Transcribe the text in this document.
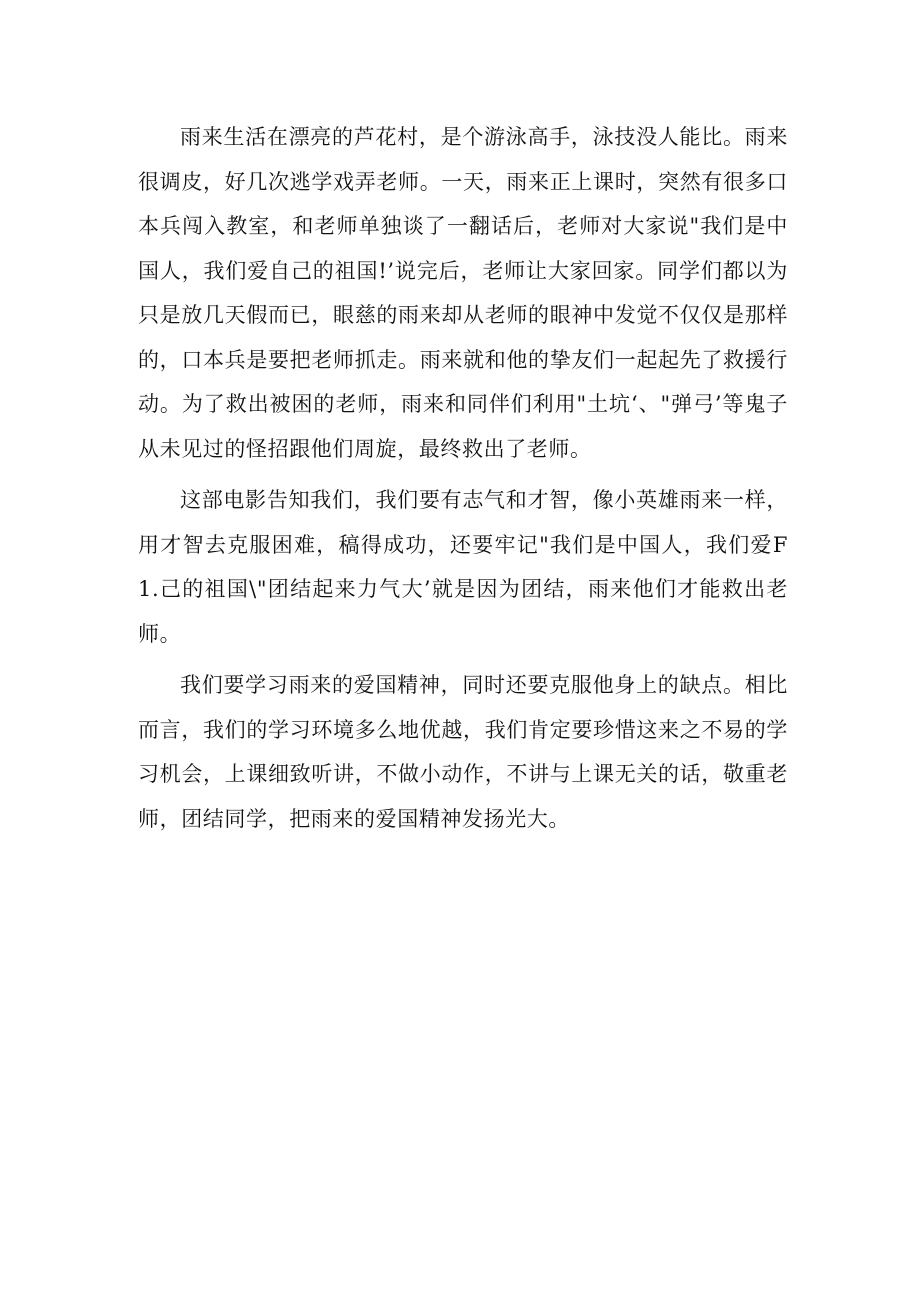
雨来生活在漂亮的芦花村，是个游泳高手，泳技没人能比。雨来很调皮，好几次逃学戏弄老师。一天，雨来正上课时，突然有很多口本兵闯入教室，和老师单独谈了一翻话后，老师对大家说"我们是中国人，我们爱自己的祖国!’说完后，老师让大家回家。同学们都以为只是放几天假而已，眼慈的雨来却从老师的眼神中发觉不仅仅是那样的，口本兵是要把老师抓走。雨来就和他的挚友们一起起先了救援行动。为了救出被困的老师，雨来和同伴们利用"土坑‘、"弹弓’等鬼子从未见过的怪招跟他们周旋，最终救出了老师。

这部电影告知我们，我们要有志气和才智，像小英雄雨来一样，用才智去克服困难，稿得成功，还要牢记"我们是中国人，我们爱F1.己的祖国\"团结起来力气大’就是因为团结，雨来他们才能救出老师。

我们要学习雨来的爱国精神，同时还要克服他身上的缺点。相比而言，我们的学习环境多么地优越，我们肯定要珍惜这来之不易的学习机会，上课细致听讲，不做小动作，不讲与上课无关的话，敬重老师，团结同学，把雨来的爱国精神发扬光大。
